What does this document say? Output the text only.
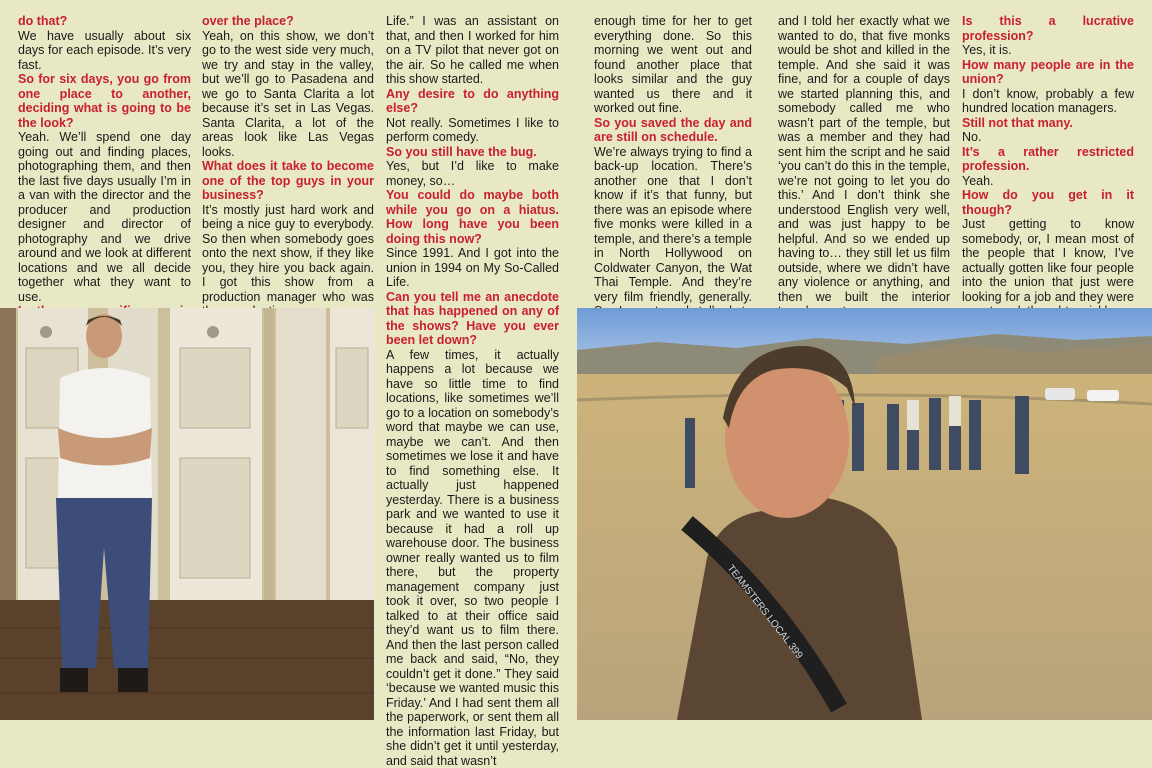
do that?

We have usually about six days for each episode. It’s very fast.

So for six days, you go from one place to another, deciding what is going to be the look?

Yeah. We’ll spend one day going out and finding places, photographing them, and then the last five days usually I’m in a van with the director and the producer and production designer and director of photography and we drive around and we look at different locations and we all decide together what they want to use.

over the place?

Yeah, on this show, we don’t go to the west side very much, we try and stay in the valley, but we’ll go to Pasadena and we go to Santa Clarita a lot because it’s set in Las Vegas. Santa Clarita, a lot of the areas look like Las Vegas looks.

What does it take to become one of the top guys in your business?

It’s mostly just hard work and being a nice guy to everybody. So then when somebody goes onto the next show, if they like you, they hire you back again. I got this show from a production manager who was

Life.” I was an assistant on that, and then I worked for him on a TV pilot that never got on the air. So he called me when this show started.

Any desire to do anything else?

Not really. Sometimes I like to perform comedy.

So you still have the bug.

Yes, but I’d like to make money, so…

You could do maybe both while you go on a hiatus. How long have you been doing this now?

Since 1991. And I got into the union in 1994 on My So-Called Life.

Can you tell me an anecdote that has happened on any of the shows? Have you ever been let down?

A few times, it actually happens a lot because we have so little time to find locations, like sometimes we’ll go to a location on somebody’s word that maybe we can use, maybe we can’t. And then sometimes we lose it and have to find something else. It actually just happened yesterday. There is a business park and we wanted to use it because it had a roll up warehouse door. The business owner really wanted us to film there, but the property management company just took it over, so two people I talked to at their office said they’d want us to film there. And then the last person called me back and said, “No, they couldn’t get it done.” They said ‘because we wanted music this Friday.’ And I had sent them all the paperwork, or sent them all the information last Friday, but she didn’t get it until yesterday, and said that wasn’t

enough time for her to get everything done. So this morning we went out and found another place that looks similar and the guy wanted us there and it worked out fine.

So you saved the day and are still on schedule.

We’re always trying to find a back-up location. There’s another one that I don’t know if it’s that funny, but there was an episode where five monks were killed in a temple, and there’s a temple in North Hollywood on Coldwater Canyon, the Wat Thai Temple. And they’re very film friendly, generally.

and I told her exactly what we wanted to do, that five monks would be shot and killed in the temple. And she said it was fine, and for a couple of days we started planning this, and somebody called me who wasn’t part of the temple, but was a member and they had sent him the script and he said ‘you can’t do this in the temple, we’re not going to let you do this.’ And I don’t think she understood English very well, and was just happy to be helpful. And so we ended up having to… they still let us film outside, where we didn’t have any violence or anything, and then we built the interior

Is this a lucrative profession?

Yes, it is.

How many people are in the union?

I don’t know, probably a few hundred location managers.

Still not that many.

No.

It’s a rather restricted profession.

Yeah.

How do you get in it though?

Just getting to know somebody, or, I mean most of the people that I know, I’ve actually gotten like four people into the union that just were looking for a job and they were

TEAMSTERS LOCAL 399
